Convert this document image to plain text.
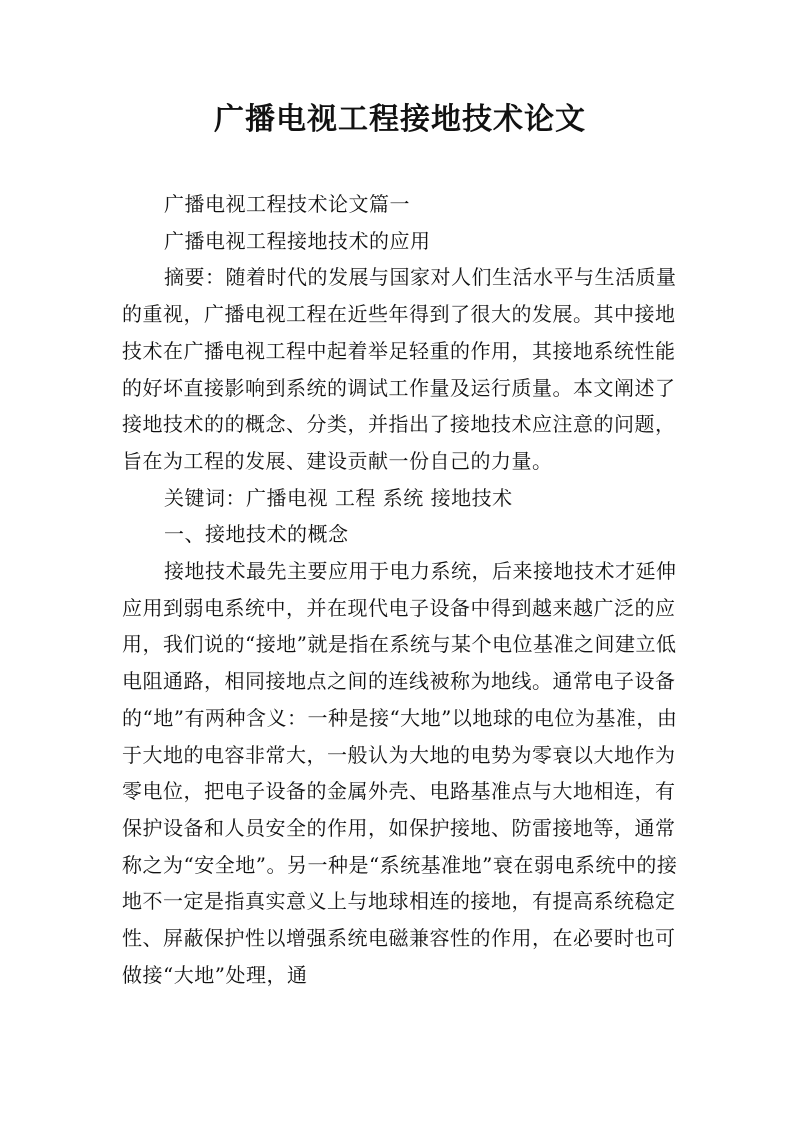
广播电视工程接地技术论文

广播电视工程技术论文篇一

广播电视工程接地技术的应用

摘要：随着时代的发展与国家对人们生活水平与生活质量的重视，广播电视工程在近些年得到了很大的发展。其中接地技术在广播电视工程中起着举足轻重的作用，其接地系统性能的好坏直接影响到系统的调试工作量及运行质量。本文阐述了接地技术的的概念、分类，并指出了接地技术应注意的问题，旨在为工程的发展、建设贡献一份自己的力量。

关键词：广播电视 工程 系统 接地技术

一、接地技术的概念

接地技术最先主要应用于电力系统，后来接地技术才延伸应用到弱电系统中，并在现代电子设备中得到越来越广泛的应用，我们说的“接地”就是指在系统与某个电位基准之间建立低电阻通路，相同接地点之间的连线被称为地线。通常电子设备的“地”有两种含义：一种是接“大地”以地球的电位为基准，由于大地的电容非常大，一般认为大地的电势为零衰以大地作为零电位，把电子设备的金属外壳、电路基准点与大地相连，有保护设备和人员安全的作用，如保护接地、防雷接地等，通常称之为“安全地”。另一种是“系统基准地”衰在弱电系统中的接地不一定是指真实意义上与地球相连的接地，有提高系统稳定性、屏蔽保护性以增强系统电磁兼容性的作用，在必要时也可做接“大地”处理，通
